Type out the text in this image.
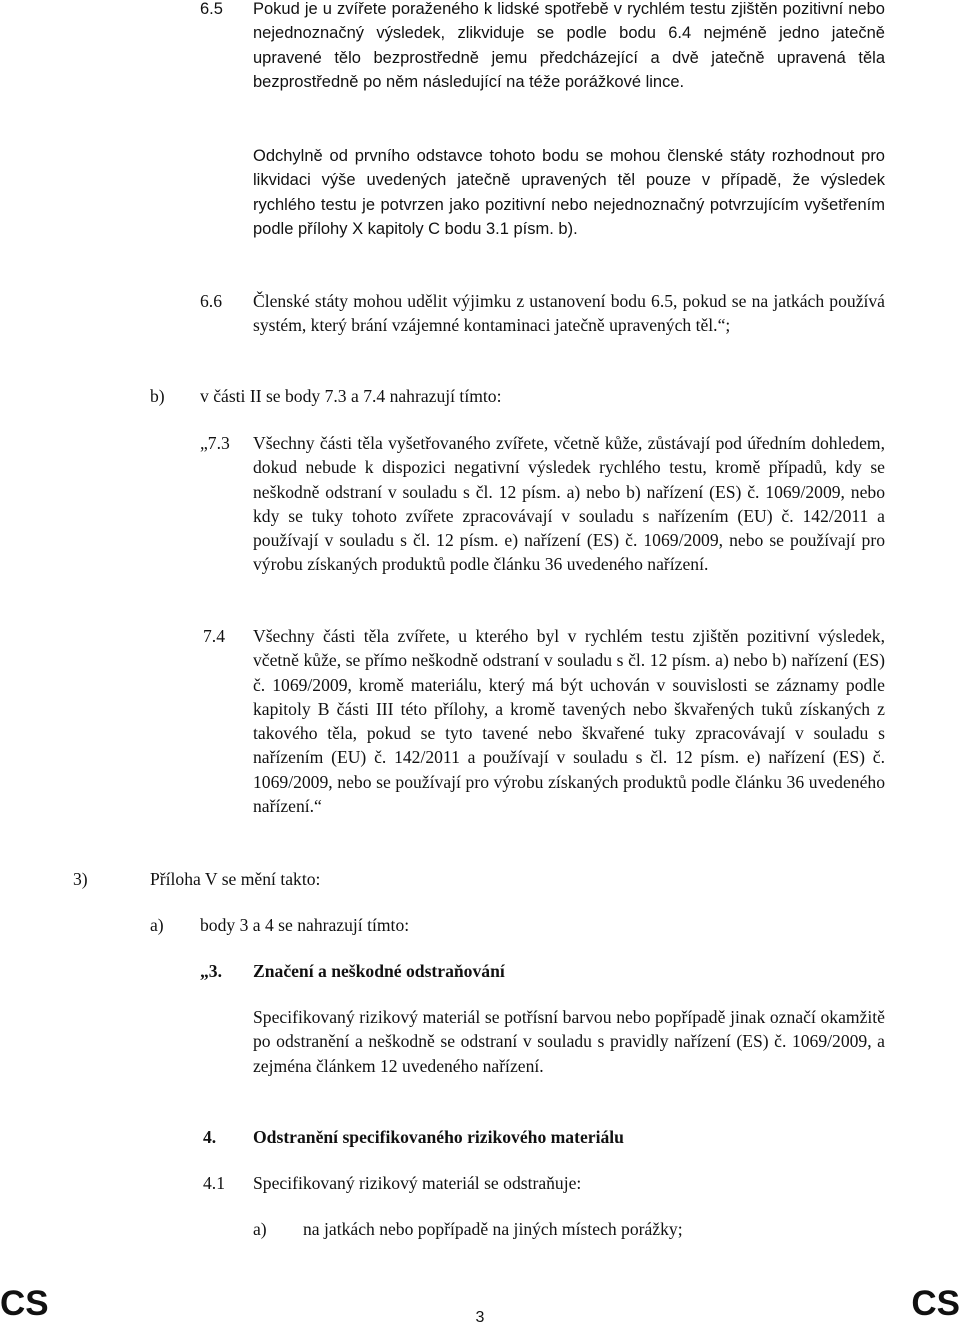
6.5 Pokud je u zvířete poraženého k lidské spotřebě v rychlém testu zjištěn pozitivní nebo nejednoznačný výsledek, zlikviduje se podle bodu 6.4 nejméně jedno jatečně upravené tělo bezprostředně jemu předcházející a dvě jatečně upravená těla bezprostředně po něm následující na téže porážkové lince.
Odchylně od prvního odstavce tohoto bodu se mohou členské státy rozhodnout pro likvidaci výše uvedených jatečně upravených těl pouze v případě, že výsledek rychlého testu je potvrzen jako pozitivní nebo nejednoznačný potvrzujícím vyšetřením podle přílohy X kapitoly C bodu 3.1 písm. b).
6.6 Členské státy mohou udělit výjimku z ustanovení bodu 6.5, pokud se na jatkách používá systém, který brání vzájemné kontaminaci jatečně upravených těl.“;
b) v části II se body 7.3 a 7.4 nahrazují tímto:
„7.3 Všechny části těla vyšetřovaného zvířete, včetně kůže, zůstávají pod úředním dohledem, dokud nebude k dispozici negativní výsledek rychlého testu, kromě případů, kdy se neškodně odstraní v souladu s čl. 12 písm. a) nebo b) nařízení (ES) č. 1069/2009, nebo kdy se tuky tohoto zvířete zpracovávají v souladu s nařízením (EU) č. 142/2011 a používají v souladu s čl. 12 písm. e) nařízení (ES) č. 1069/2009, nebo se používají pro výrobu získaných produktů podle článku 36 uvedeného nařízení.
7.4 Všechny části těla zvířete, u kterého byl v rychlém testu zjištěn pozitivní výsledek, včetně kůže, se přímo neškodně odstraní v souladu s čl. 12 písm. a) nebo b) nařízení (ES) č. 1069/2009, kromě materiálu, který má být uchován v souvislosti se záznamy podle kapitoly B části III této přílohy, a kromě tavených nebo škvařených tuků získaných z takového těla, pokud se tyto tavené nebo škvařené tuky zpracovávají v souladu s nařízením (EU) č. 142/2011 a používají v souladu s čl. 12 písm. e) nařízení (ES) č. 1069/2009, nebo se používají pro výrobu získaných produktů podle článku 36 uvedeného nařízení.“
3)	Příloha V se mění takto:
a) body 3 a 4 se nahrazují tímto:
„3. Značení a neškodné odstraňování
Specifikovaný rizikový materiál se potřísní barvou nebo popřípadě jinak označí okamžitě po odstranění a neškodně se odstraní v souladu s pravidly nařízení (ES) č. 1069/2009, a zejména článkem 12 uvedeného nařízení.
4. Odstranění specifikovaného rizikového materiálu
4.1 Specifikovaný rizikový materiál se odstraňuje:
a) na jatkách nebo popřípadě na jiných místech porážky;
CS	3	CS
